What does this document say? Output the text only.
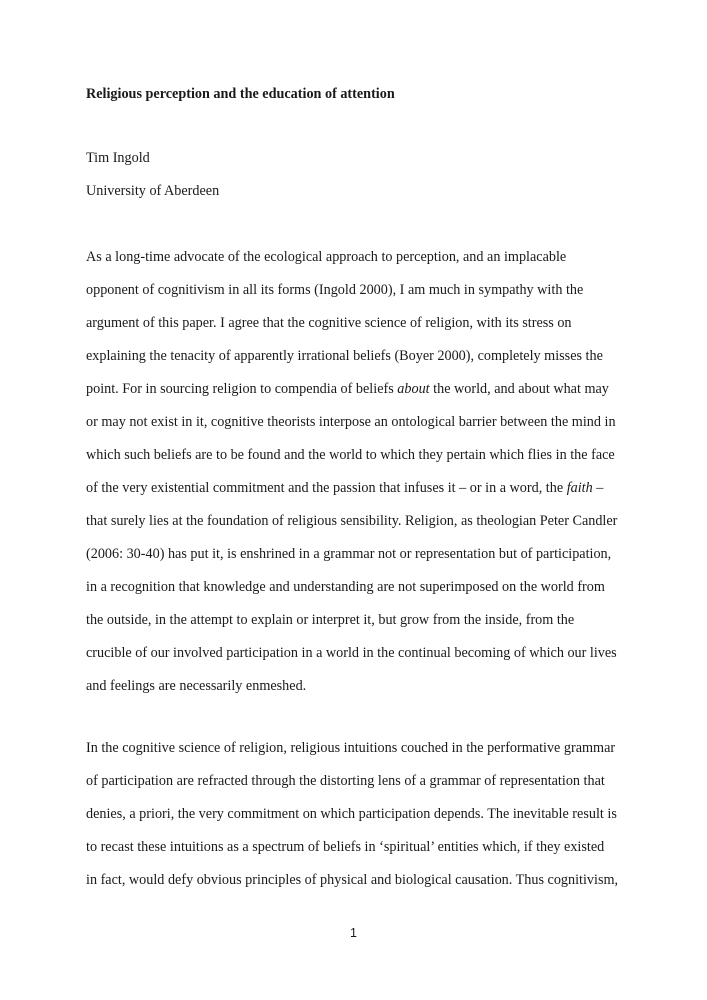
Religious perception and the education of attention
Tim Ingold
University of Aberdeen
As a long-time advocate of the ecological approach to perception, and an implacable
opponent of cognitivism in all its forms (Ingold 2000), I am much in sympathy with the
argument of this paper. I agree that the cognitive science of religion, with its stress on
explaining the tenacity of apparently irrational beliefs (Boyer 2000), completely misses the
point. For in sourcing religion to compendia of beliefs about the world, and about what may
or may not exist in it, cognitive theorists interpose an ontological barrier between the mind in
which such beliefs are to be found and the world to which they pertain which flies in the face
of the very existential commitment and the passion that infuses it – or in a word, the faith –
that surely lies at the foundation of religious sensibility. Religion, as theologian Peter Candler
(2006: 30-40) has put it, is enshrined in a grammar not or representation but of participation,
in a recognition that knowledge and understanding are not superimposed on the world from
the outside, in the attempt to explain or interpret it, but grow from the inside, from the
crucible of our involved participation in a world in the continual becoming of which our lives
and feelings are necessarily enmeshed.
In the cognitive science of religion, religious intuitions couched in the performative grammar
of participation are refracted through the distorting lens of a grammar of representation that
denies, a priori, the very commitment on which participation depends. The inevitable result is
to recast these intuitions as a spectrum of beliefs in ‘spiritual’ entities which, if they existed
in fact, would defy obvious principles of physical and biological causation. Thus cognitivism,
1
